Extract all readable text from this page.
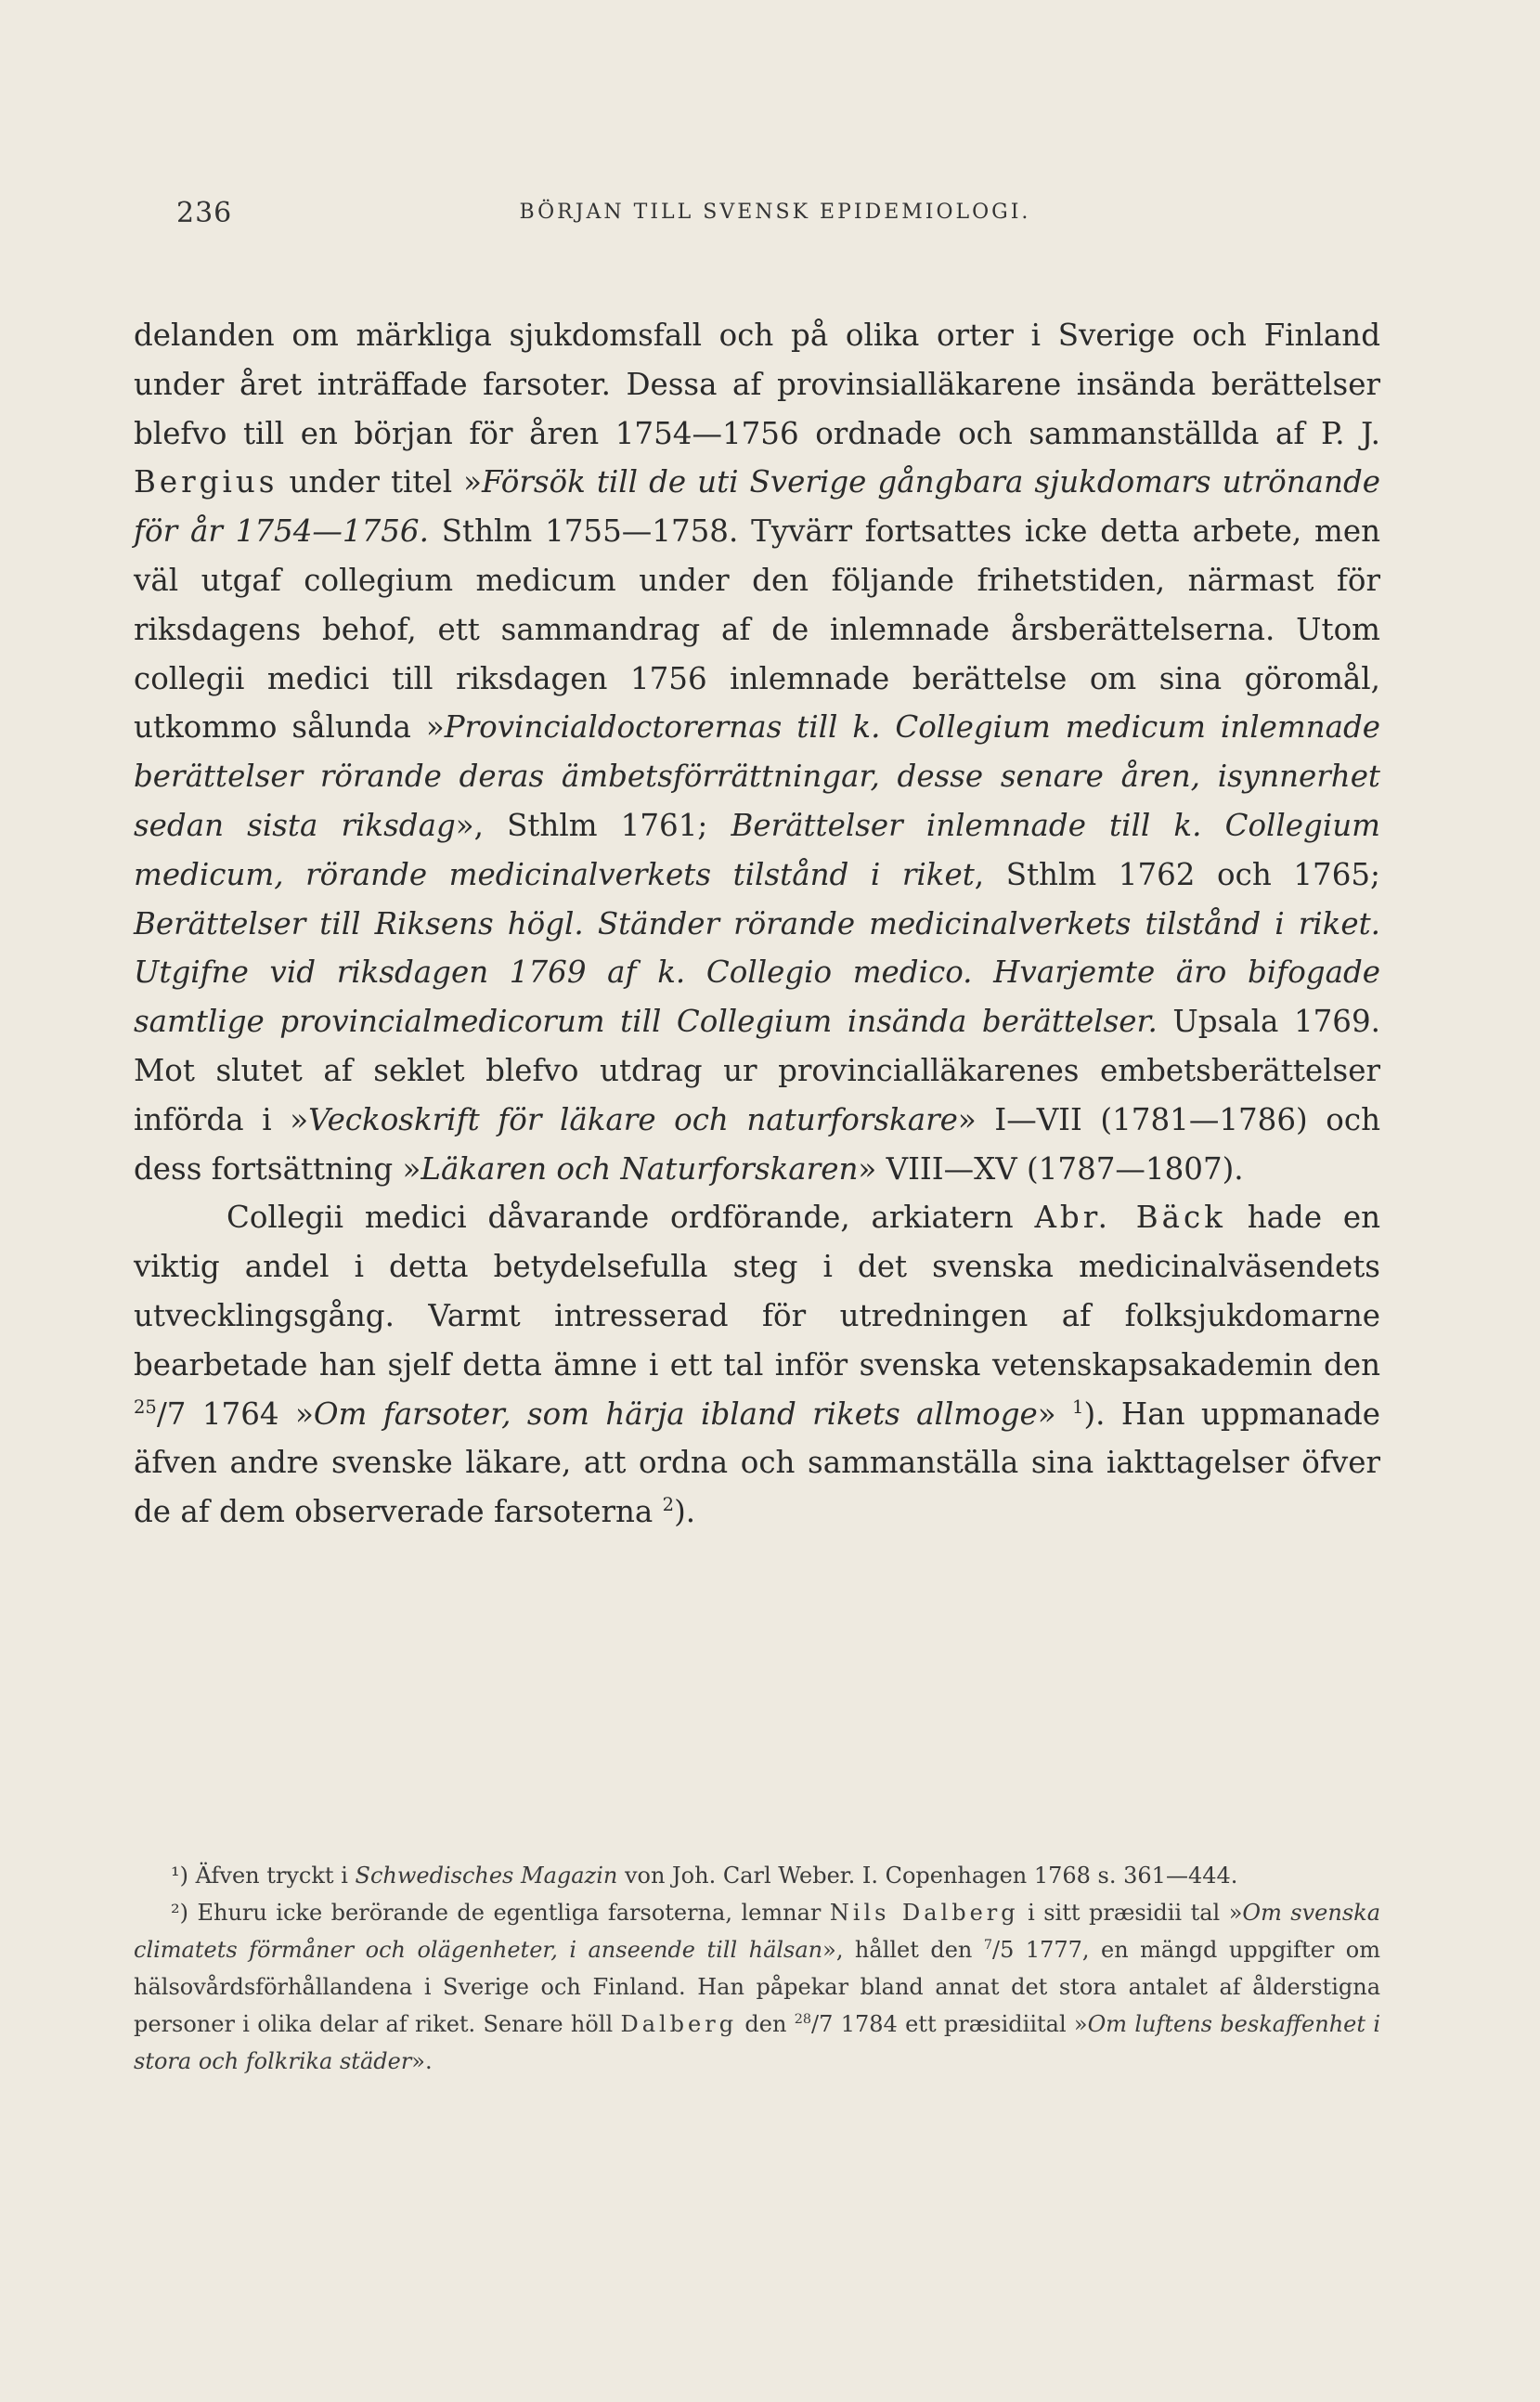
236	BÖRJAN TILL SVENSK EPIDEMIOLOGI.

delanden om märkliga sjukdomsfall och på olika orter i Sverige och Finland under året inträffade farsoter. Dessa af provinsialläkarene insända berättelser blefvo till en början för åren 1754—1756 ordnade och sammanställda af P. J. Bergius under titel »Försök till de uti Sverige gångbara sjukdomars utrönande för år 1754—1756. Sthlm 1755—1758. Tyvärr fortsattes icke detta arbete, men väl utgaf collegium medicum under den följande frihetstiden, närmast för riksdagens behof, ett sammandrag af de inlemnade årsberättelserna. Utom collegii medici till riksdagen 1756 inlemnade berättelse om sina göromål, utkommo sålunda »Provincialdoctorernas till k. Collegium medicum inlemnade berättelser rörande deras ämbetsförrättningar, desse senare åren, isynnerhet sedan sista riksdag», Sthlm 1761; Berättelser inlemnade till k. Collegium medicum, rörande medicinalverkets tilstånd i riket, Sthlm 1762 och 1765; Berättelser till Riksens högl. Ständer rörande medicinalverkets tilstånd i riket. Utgifne vid riksdagen 1769 af k. Collegio medico. Hvarjemte äro bifogade samtlige provincialmedicorum till Collegium insända berättelser. Upsala 1769. Mot slutet af seklet blefvo utdrag ur provincialläkarenes embetsberättelser införda i »Veckoskrift för läkare och naturforskare» I—VII (1781—1786) och dess fortsättning »Läkaren och Naturforskaren» VIII—XV (1787—1807).

Collegii medici dåvarande ordförande, arkiatern Abr. Bäck hade en viktig andel i detta betydelsefulla steg i det svenska medicinalväsendets utvecklingsgång. Varmt intresserad för utredningen af folksjukdomarne bearbetade han sjelf detta ämne i ett tal inför svenska vetenskapsakademin den $^{25}$/7 1764 »Om farsoter, som härja ibland rikets allmoge» $^1$). Han uppmanade äfven andre svenske läkare, att ordna och sammanställa sina iakttagelser öfver de af dem observerade farsoterna $^2$).

¹) Äfven tryckt i Schwedisches Magazin von Joh. Carl Weber. I. Copenhagen 1768 s. 361—444.

²) Ehuru icke berörande de egentliga farsoterna, lemnar Nils Dalberg i sitt præsidii tal »Om svenska climatets förmåner och olägenheter, i anseende till hälsan», hållet den $^7$/5 1777, en mängd uppgifter om hälsovårdsförhållandena i Sverige och Finland. Han påpekar bland annat det stora antalet af ålderstigna personer i olika delar af riket. Senare höll Dalberg den $^{28}$/7 1784 ett præsidiital »Om luftens beskaffenhet i stora och folkrika städer».
